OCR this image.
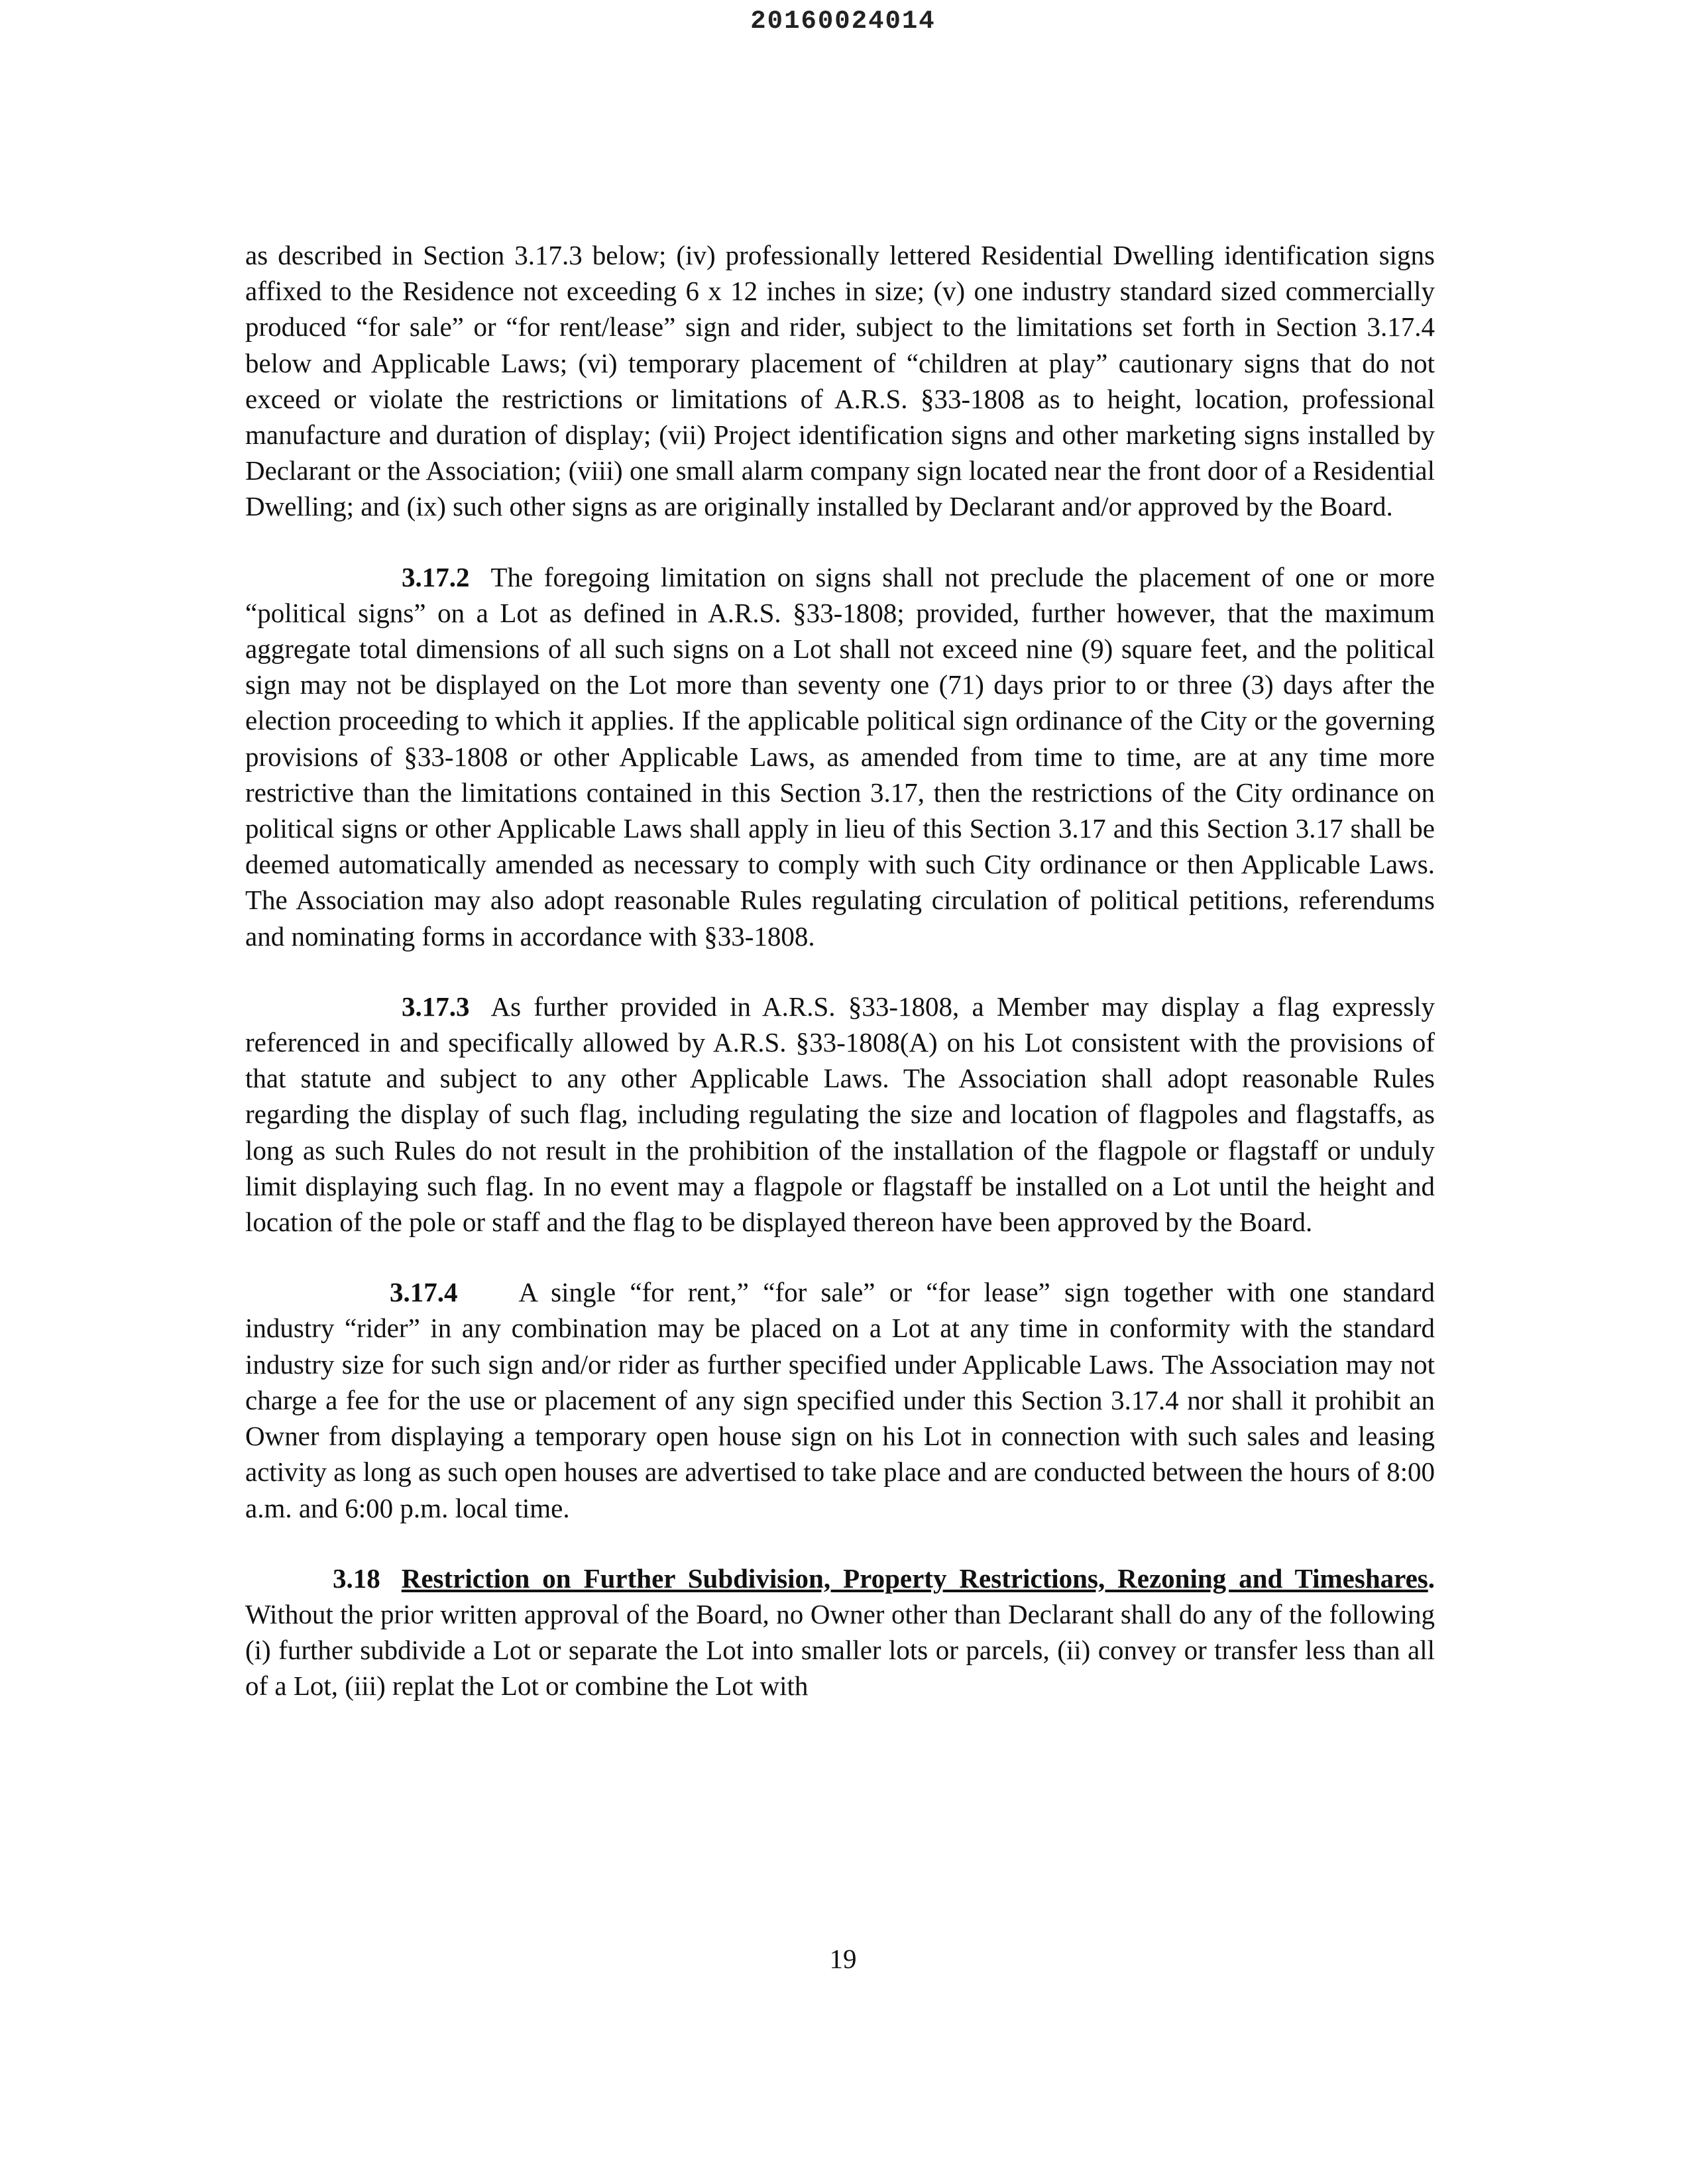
20160024014

as described in Section 3.17.3 below; (iv) professionally lettered Residential Dwelling identification signs affixed to the Residence not exceeding 6 x 12 inches in size; (v) one industry standard sized commercially produced “for sale” or “for rent/lease” sign and rider, subject to the limitations set forth in Section 3.17.4 below and Applicable Laws; (vi) temporary placement of “children at play” cautionary signs that do not exceed or violate the restrictions or limitations of A.R.S. §33-1808 as to height, location, professional manufacture and duration of display; (vii) Project identification signs and other marketing signs installed by Declarant or the Association; (viii) one small alarm company sign located near the front door of a Residential Dwelling; and (ix) such other signs as are originally installed by Declarant and/or approved by the Board.

3.17.2 The foregoing limitation on signs shall not preclude the placement of one or more “political signs” on a Lot as defined in A.R.S. §33-1808; provided, further however, that the maximum aggregate total dimensions of all such signs on a Lot shall not exceed nine (9) square feet, and the political sign may not be displayed on the Lot more than seventy one (71) days prior to or three (3) days after the election proceeding to which it applies. If the applicable political sign ordinance of the City or the governing provisions of §33-1808 or other Applicable Laws, as amended from time to time, are at any time more restrictive than the limitations contained in this Section 3.17, then the restrictions of the City ordinance on political signs or other Applicable Laws shall apply in lieu of this Section 3.17 and this Section 3.17 shall be deemed automatically amended as necessary to comply with such City ordinance or then Applicable Laws. The Association may also adopt reasonable Rules regulating circulation of political petitions, referendums and nominating forms in accordance with §33-1808.

3.17.3 As further provided in A.R.S. §33-1808, a Member may display a flag expressly referenced in and specifically allowed by A.R.S. §33-1808(A) on his Lot consistent with the provisions of that statute and subject to any other Applicable Laws. The Association shall adopt reasonable Rules regarding the display of such flag, including regulating the size and location of flagpoles and flagstaffs, as long as such Rules do not result in the prohibition of the installation of the flagpole or flagstaff or unduly limit displaying such flag. In no event may a flagpole or flagstaff be installed on a Lot until the height and location of the pole or staff and the flag to be displayed thereon have been approved by the Board.

3.17.4 A single “for rent,” “for sale” or “for lease” sign together with one standard industry “rider” in any combination may be placed on a Lot at any time in conformity with the standard industry size for such sign and/or rider as further specified under Applicable Laws. The Association may not charge a fee for the use or placement of any sign specified under this Section 3.17.4 nor shall it prohibit an Owner from displaying a temporary open house sign on his Lot in connection with such sales and leasing activity as long as such open houses are advertised to take place and are conducted between the hours of 8:00 a.m. and 6:00 p.m. local time.

3.18 Restriction on Further Subdivision, Property Restrictions, Rezoning and Timeshares. Without the prior written approval of the Board, no Owner other than Declarant shall do any of the following (i) further subdivide a Lot or separate the Lot into smaller lots or parcels, (ii) convey or transfer less than all of a Lot, (iii) replat the Lot or combine the Lot with

19
